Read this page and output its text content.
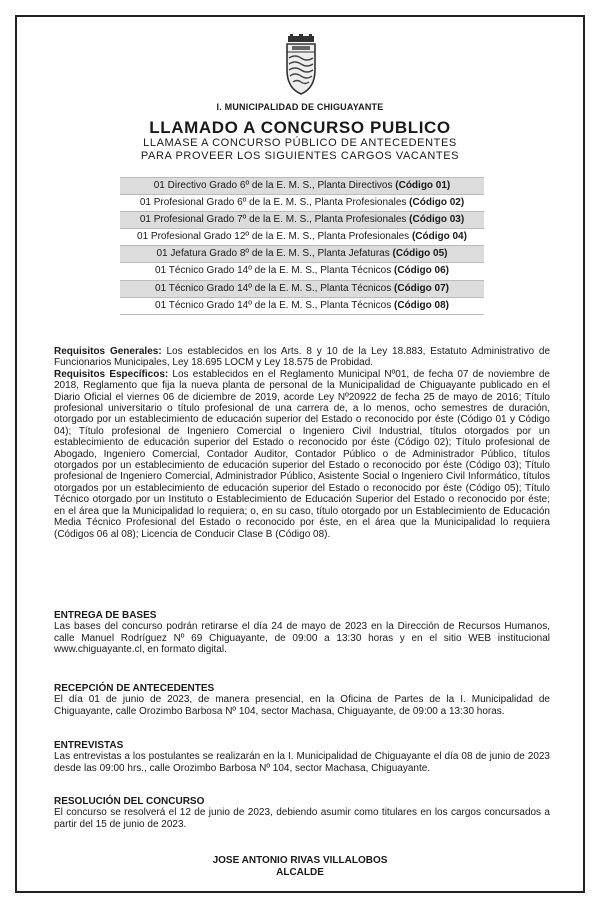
I. MUNICIPALIDAD DE CHIGUAYANTE
LLAMADO A CONCURSO PUBLICO
LLAMASE A CONCURSO PÚBLICO DE ANTECEDENTES
PARA PROVEER LOS SIGUIENTES CARGOS VACANTES
01 Directivo Grado 6º de la E. M. S., Planta Directivos (Código 01)
01 Profesional Grado 6º de la E. M. S., Planta Profesionales (Código 02)
01 Profesional Grado 7º de la E. M. S., Planta Profesionales (Código 03)
01 Profesional Grado 12º de la E. M. S., Planta Profesionales (Código 04)
01 Jefatura Grado 8º de la E. M. S., Planta Jefaturas (Código 05)
01 Técnico Grado 14º de la E. M. S., Planta Técnicos (Código 06)
01 Técnico Grado 14º de la E. M. S., Planta Técnicos (Código 07)
01 Técnico Grado 14º de la E. M. S., Planta Técnicos (Código 08)

Requisitos Generales: Los establecidos en los Arts. 8 y 10 de la Ley 18.883, Estatuto Administrativo de Funcionarios Municipales, Ley 18.695 LOCM y Ley 18.575 de Probidad.

Requisitos Específicos: Los establecidos en el Reglamento Municipal Nº01, de fecha 07 de noviembre de 2018, Reglamento que fija la nueva planta de personal de la Municipalidad de Chiguayante publicado en el Diario Oficial el viernes 06 de diciembre de 2019, acorde Ley Nº20922 de fecha 25 de mayo de 2016; Título profesional universitario o título profesional de una carrera de, a lo menos, ocho semestres de duración, otorgado por un establecimiento de educación superior del Estado o reconocido por éste (Código 01 y Código 04); Título profesional de Ingeniero Comercial o Ingeniero Civil Industrial, títulos otorgados por un establecimiento de educación superior del Estado o reconocido por éste (Código 02); Título profesional de Abogado, Ingeniero Comercial, Contador Auditor, Contador Público o de Administrador Público, títulos otorgados por un establecimiento de educación superior del Estado o reconocido por éste (Código 03); Título profesional de Ingeniero Comercial, Administrador Público, Asistente Social o Ingeniero Civil Informático, títulos otorgados por un establecimiento de educación superior del Estado o reconocido por éste (Código 05); Título Técnico otorgado por un Instituto o Establecimiento de Educación Superior del Estado o reconocido por éste; en el área que la Municipalidad lo requiera; o, en su caso, título otorgado por un Establecimiento de Educación Media Técnico Profesional del Estado o reconocido por éste, en el área que la Municipalidad lo requiera (Códigos 06 al 08); Licencia de Conducir Clase B (Código 08).

ENTREGA DE BASES

Las bases del concurso podrán retirarse el día 24 de mayo de 2023 en la Dirección de Recursos Humanos, calle Manuel Rodríguez Nº 69 Chiguayante, de 09:00 a 13:30 horas y en el sitio WEB institucional www.chiguayante.cl, en formato digital.

RECEPCIÓN DE ANTECEDENTES

El día 01 de junio de 2023, de manera presencial, en la Oficina de Partes de la I. Municipalidad de Chiguayante, calle Orozimbo Barbosa Nº 104, sector Machasa, Chiguayante, de 09:00 a 13:30 horas.

ENTREVISTAS

Las entrevistas a los postulantes se realizarán en la I. Municipalidad de Chiguayante el día 08 de junio de 2023 desde las 09:00 hrs., calle Orozimbo Barbosa Nº 104, sector Machasa, Chiguayante.

RESOLUCIÓN DEL CONCURSO

El concurso se resolverá el 12 de junio de 2023, debiendo asumir como titulares en los cargos concursados a partir del 15 de junio de 2023.

JOSE ANTONIO RIVAS VILLALOBOS
ALCALDE
